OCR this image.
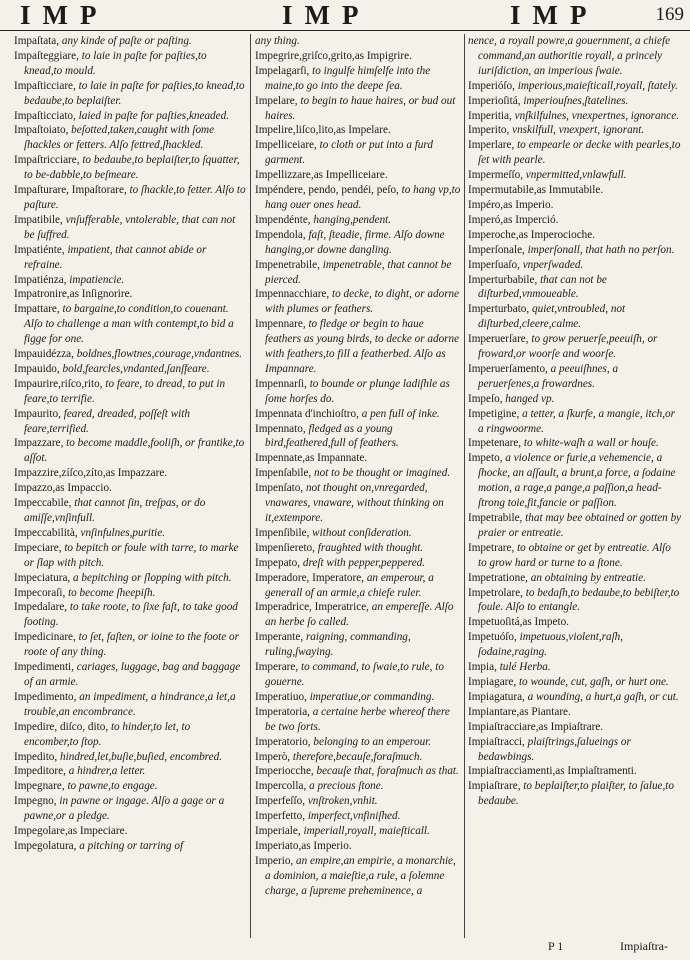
IMP	IMP	IMP	169

Impaſtata, any kinde of paſte or paſting.

Impaſteggiare, to laie in paſte for paſties,to knead,to mould.

Impaſticciare, to laie in paſte for paſties,to knead,to bedaube,to beplaiſter.

Impaſticciato, laied in paſte for paſties,kneaded.

Impaſtoiato, beſotted,taken,caught with ſome ſhackles or fetters. Alſo fettred,ſhackled.

Impaſtricciare, to bedaube,to beplaiſter,to ſquatter, to be-dabble,to beſmeare.

Impaſturare, Impaſtorare, to ſhackle,to fetter. Alſo to paſture.

Impatibile, vnſufferable, vntolerable, that can not be ſuffred.

Impatiénte, impatient, that cannot abide or refraine.

Impatiénza, impatiencie.

Impatronire,as Inſignorire.

Impattare, to bargaine,to condition,to couenant. Alſo to challenge a man with contempt,to bid a figge for one.

Impauidézza, boldnes,flowtnes,courage,vndantnes.

Impauido, bold,fearcles,vndanted,ſanſfeare.

Impaurire,riſco,rito, to feare, to dread, to put in feare,to terrifie.

Impaurito, feared, dreaded, poſſeſt with feare,terrified.

Impazzare, to become maddle,fooliſh, or frantike,to aſſot.

Impazzire,zíſco,zíto,as Impazzare.

Impazzo,as Impaccio.

Impeccabile, that cannot ſin, treſpas, or do amiſſe,vnſinfull.

Impeccabilità, vnſinfulnes,puritie.

Impeciare, to bepitch or foule with tarre, to marke or ſlap with pitch.

Impeciatura, a bepitching or ſlopping with pitch.

Impecoraſi, to become ſheepiſh.

Impedalare, to take roote, to ſixe faſt, to take good footing.

Impedicinare, to ſet, faſten, or ioine to the foote or roote of any thing.

Impedimenti, cariages, luggage, bag and baggage of an armie.

Impedimento, an impediment, a hindrance,a let,a trouble,an encombrance.

Impedire, diſco, dito, to hinder,to let, to encomber,to ſtop.

Impedito, hindred,let,buſie,buſied, encombred.

Impeditore, a hindrer,a letter.

Impegnare, to pawne,to engage.

Impegno, in pawne or ingage. Alſo a gage or a pawne,or a pledge.

Impegolare,as Impeciare.

Impegolatura, a pitching or tarring of

any thing.

Impegrire,griſco,grito,as Impigrire.

Impelagarſi, to ingulfe himſelfe into the maine,to go into the deepe ſea.

Impelare, to begin to haue haires, or bud out haires.

Impelire,liſco,lito,as Impelare.

Impelliceiare, to cloth or put into a furd garment.

Impellizzare,as Impelliceiare.

Impéndere, pendo, pendéi, peſo, to hang vp,to hang ouer ones head.

Impendénte, hanging,pendent.

Impendola, faſt, ſteadie, firme. Alſo downe hanging,or downe dangling.

Impenetrabile, impenetrable, that cannot be pierced.

Impennacchiare, to decke, to dight, or adorne with plumes or feathers.

Impennare, to fledge or begin to haue feathers as young birds, to decke or adorne with feathers,to fill a featherbed. Alſo as Impannare.

Impennarſi, to bounde or plunge ladiſhle as ſome horſes do.

Impennata d'inchioſtro, a pen full of inke.

Impennato, fledged as a young bird,feathered,full of feathers.

Impennate,as Impannate.

Impenſabile, not to be thought or imagined.

Impenſato, not thought on,vnregarded, vnawares, vnaware, without thinking on it,extempore.

Impenſibile, without conſideration.

Impenſiereto, fraughted with thought.

Impepato, dreſt with pepper,peppered.

Imperadore, Imperatore, an emperour, a generall of an armie,a chiefe ruler.

Imperadrice, Imperatrice, an empereſſe. Alſo an herbe ſo called.

Imperante, raigning, commanding, ruling,ſwaying.

Imperare, to command, to ſwaie,to rule, to gouerne.

Imperatiuo, imperatiue,or commanding.

Imperatoria, a certaine herbe whereof there be two ſorts.

Imperatorio, belonging to an emperour.

Imperò, therefore,becauſe,foraſmuch.

Imperiocche, becauſe that, foraſmuch as that.

Impercolla, a precious ſtone.

Imperfeſſo, vnſtroken,vnhit.

Imperfetto, imperfect,vnfiniſhed.

Imperiale, imperiall,royall, maieſticall.

Imperiato,as Imperio.

Imperio, an empire,an empirie, a monarchie, a dominion, a maieſtie,a rule, a ſolemne charge, a ſupreme preheminence, a

nence, a royall powre,a gouernment, a chiefe command,an authoritie royall, a princely iuriſdiction, an imperious ſwaie.

Imperióſo, imperious,maieſticall,royall, ſtately.

Imperioſitá, imperiouſnes,ſtatelines.

Imperitia, vnſkilfulnes, vnexpertnes, ignorance.

Imperito, vnskilfull, vnexpert, ignorant.

Imperlare, to empearle or decke with pearles,to ſet with pearle.

Impermeſſo, vnpermitted,vnlawfull.

Impermutabile,as Immutabile.

Impéro,as Imperio.

Imperó,as Imperció.

Imperoche,as Imperocioche.

Imperſonale, imperſonall, that hath no perſon.

Imperſuaſo, vnperſwaded.

Imperturbabile, that can not be diſturbed,vnmoueable.

Imperturbato, quiet,vntroubled, not diſturbed,cleere,calme.

Imperuerſare, to grow peruerſe,peeuiſh, or froward,or woorſe and woorſe.

Imperuerſamento, a peeuiſhnes, a peruerſenes,a frowardnes.

Impeſo, hanged vp.

Impetigine, a tetter, a ſkurfe, a mangie, itch,or a ringwoorme.

Impetenare, to white-waſh a wall or houſe.

Impeto, a violence or furie,a vehemencie, a ſhocke, an aſſault, a brunt,a force, a ſodaine motion, a rage,a pange,a paſſion,a head-ſtrong toie,fit,fancie or paſſion.

Impetrabile, that may bee obtained or gotten by praier or entreatie.

Impetrare, to obtaine or get by entreatie. Alſo to grow hard or turne to a ſtone.

Impetratione, an obtaining by entreatie.

Impetrolare, to bedaſh,to bedaube,to bebiſter,to foule. Alſo to entangle.

Impetuoſitá,as Impeto.

Impetuóſo, impetuous,violent,raſh, ſodaine,raging.

Impia, tulé Herba.

Impiagare, to wounde, cut, gaſh, or hurt one.

Impiagatura, a wounding, a hurt,a gaſh, or cut.

Impiantare,as Piantare.

Impiaſtracciare,as Impiaſtrare.

Impiaſtracci, plaiſtrings,ſalueings or bedawbings.

Impiaſtracciamenti,as Impiaſtramenti.

Impiaſtrare, to beplaiſter,to plaiſter, to ſalue,to bedaube.

P 1	Impiaſtra-
